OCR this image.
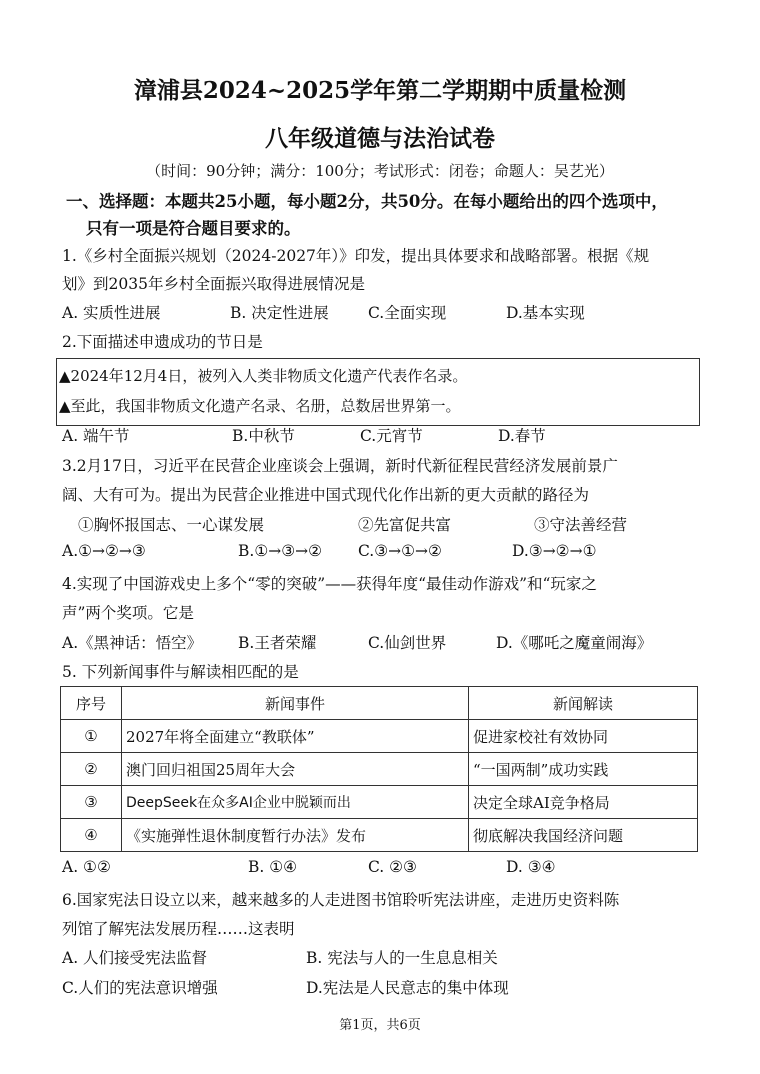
漳浦县2024~2025学年第二学期期中质量检测
八年级道德与法治试卷
（时间：90分钟；满分：100分；考试形式：闭卷；命题人：吴艺光）
一、选择题：本题共25小题，每小题2分，共50分。在每小题给出的四个选项中，
只有一项是符合题目要求的。
1.《乡村全面振兴规划（2024-2027年）》印发，提出具体要求和战略部署。根据《规
划》到2035年乡村全面振兴取得进展情况是
A. 实质性进展	B. 决定性进展	C.全面实现	D.基本实现
2.下面描述申遗成功的节日是
▲2024年12月4日，被列入人类非物质文化遗产代表作名录。
▲至此，我国非物质文化遗产名录、名册，总数居世界第一。
A. 端午节	B.中秋节	C.元宵节	D.春节
3.2月17日，习近平在民营企业座谈会上强调，新时代新征程民营经济发展前景广
阔、大有可为。提出为民营企业推进中国式现代化作出新的更大贡献的路径为
①胸怀报国志、一心谋发展	②先富促共富	③守法善经营
A.①→②→③	B.①→③→② C.③→①→②	D.③→②→①
4.实现了中国游戏史上多个“零的突破”——获得年度“最佳动作游戏”和“玩家之
声”两个奖项。它是
A.《黑神话：悟空》 B.王者荣耀	C.仙剑世界	D.《哪吒之魔童闹海》
5. 下列新闻事件与解读相匹配的是
序号	新闻事件	新闻解读
①	2027年将全面建立“教联体”	促进家校社有效协同
②	澳门回归祖国25周年大会	“一国两制”成功实践
③	DeepSeek在众多AI企业中脱颖而出	决定全球AI竞争格局
④	《实施弹性退休制度暂行办法》发布	彻底解决我国经济问题
A. ①②	B. ①④	C. ②③	D. ③④
6.国家宪法日设立以来，越来越多的人走进图书馆聆听宪法讲座，走进历史资料陈
列馆了解宪法发展历程……这表明
A. 人们接受宪法监督	B. 宪法与人的一生息息相关
C.人们的宪法意识增强	D.宪法是人民意志的集中体现
第1页，共6页
